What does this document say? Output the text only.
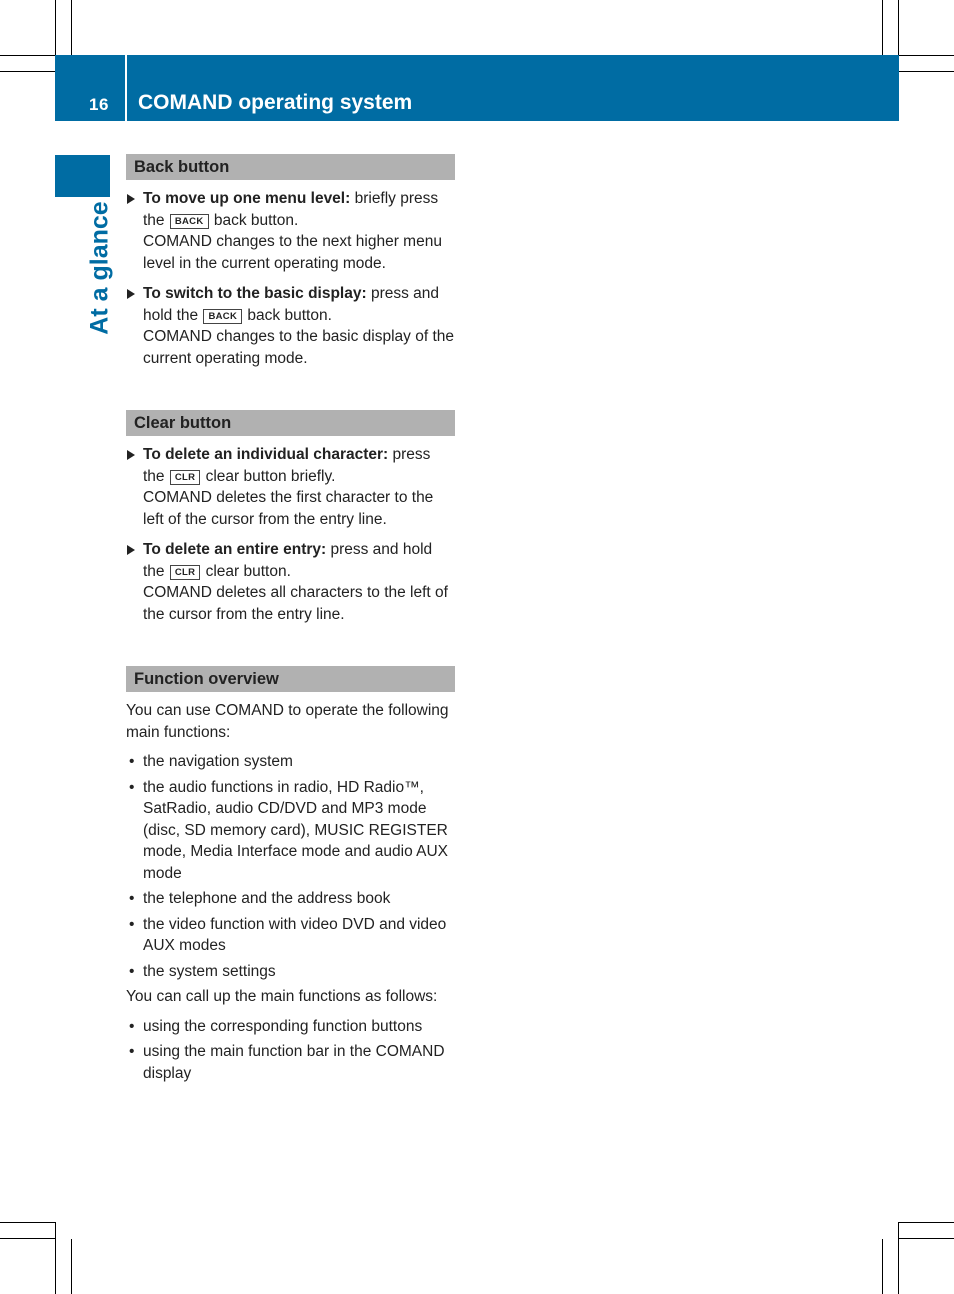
16 COMAND operating system
At a glance
Back button
To move up one menu level: briefly press the BACK back button.
COMAND changes to the next higher menu level in the current operating mode.
To switch to the basic display: press and hold the BACK back button.
COMAND changes to the basic display of the current operating mode.
Clear button
To delete an individual character: press the CLR clear button briefly.
COMAND deletes the first character to the left of the cursor from the entry line.
To delete an entire entry: press and hold the CLR clear button.
COMAND deletes all characters to the left of the cursor from the entry line.
Function overview
You can use COMAND to operate the following main functions:
• the navigation system
• the audio functions in radio, HD Radio™, SatRadio, audio CD/DVD and MP3 mode (disc, SD memory card), MUSIC REGISTER mode, Media Interface mode and audio AUX mode
• the telephone and the address book
• the video function with video DVD and video AUX modes
• the system settings
You can call up the main functions as follows:
• using the corresponding function buttons
• using the main function bar in the COMAND display
